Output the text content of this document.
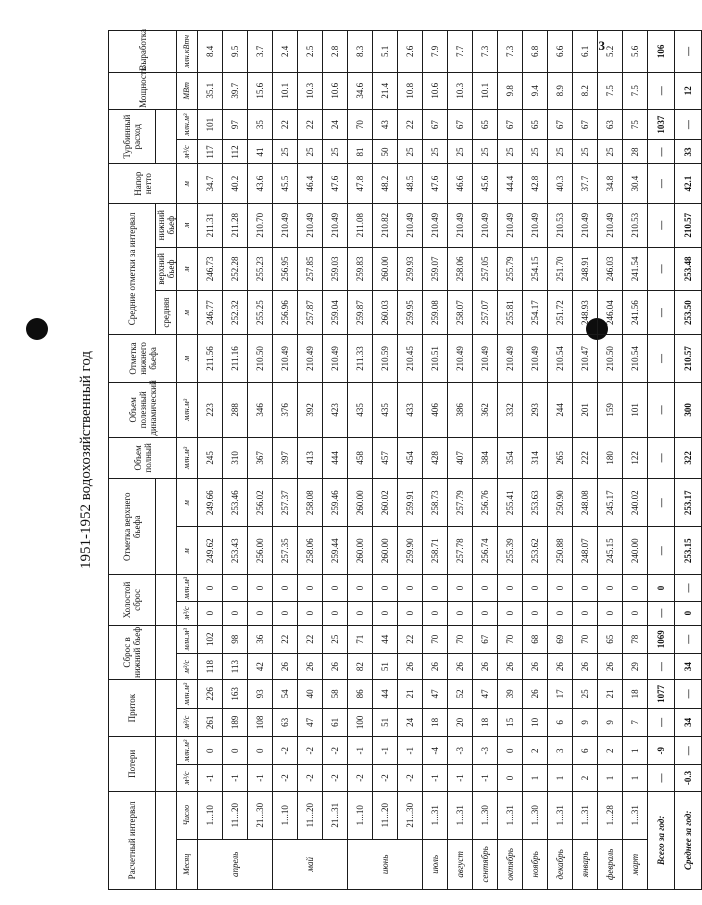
3
1951-1952 водохозяйственный год
Расчетный интервал		Потери		Приток		Сброс в нижний бьеф		Холостой сброс		Отметка верхнего бьефа		Объем полный	Объем полезный динамический	Отметка нижнего бьефа	Средние отметки за интервал			Напор нетто	Турбинный расход		Мощность	Выработка
															средняя	верхний бьеф	нижний бьеф					
Месяц	Число	м³/с	млн.м³	м³/с	млн.м³	м³/с	млн.м³	м³/с	млн.м³	м	м	млн.м³	млн.м³	м	м	м	м	м	м³/с	млн.м³	МВт	млн.кВтч
апрель	1...10	-1	0	261	226	118	102	0	0	249.62	249.66	245	223	211.56	246.77	246.73	211.31	34.7	117	101	35.1	8.4
	11...20	-1	0	189	163	113	98	0	0	253.43	253.46	310	288	211.16	252.32	252.28	211.28	40.2	112	97	39.7	9.5
	21...30	-1	0	108	93	42	36	0	0	256.00	256.02	367	346	210.50	255.25	255.23	210.70	43.6	41	35	15.6	3.7
май	1...10	-2	-2	63	54	26	22	0	0	257.35	257.37	397	376	210.49	256.96	256.95	210.49	45.5	25	22	10.1	2.4
	11...20	-2	-2	47	40	26	22	0	0	258.06	258.08	413	392	210.49	257.87	257.85	210.49	46.4	25	22	10.3	2.5
	21...31	-2	-2	61	58	26	25	0	0	259.44	259.46	444	423	210.49	259.04	259.03	210.49	47.6	25	24	10.6	2.8
июнь	1...10	-2	-1	100	86	82	71	0	0	260.00	260.00	458	435	211.33	259.87	259.83	211.08	47.8	81	70	34.6	8.3
	11...20	-2	-1	51	44	51	44	0	0	260.00	260.02	457	435	210.59	260.03	260.00	210.82	48.2	50	43	21.4	5.1
	21...30	-2	-1	24	21	26	22	0	0	259.90	259.91	454	433	210.45	259.95	259.93	210.49	48.5	25	22	10.8	2.6
июль	1...31	-1	-4	18	47	26	70	0	0	258.71	258.73	428	406	210.51	259.08	259.07	210.49	47.6	25	67	10.6	7.9
август	1...31	-1	-3	20	52	26	70	0	0	257.78	257.79	407	386	210.49	258.07	258.06	210.49	46.6	25	67	10.3	7.7
сентябрь	1...30	-1	-3	18	47	26	67	0	0	256.74	256.76	384	362	210.49	257.07	257.05	210.49	45.6	25	65	10.1	7.3
октябрь	1...31	0	0	15	39	26	70	0	0	255.39	255.41	354	332	210.49	255.81	255.79	210.49	44.4	25	67	9.8	7.3
ноябрь	1...30	1	2	10	26	26	68	0	0	253.62	253.63	314	293	210.49	254.17	254.15	210.49	42.8	25	65	9.4	6.8
декабрь	1...31	1	3	6	17	26	69	0	0	250.88	250.90	265	244	210.54	251.72	251.70	210.53	40.3	25	67	8.9	6.6
январь	1...31	2	6	9	25	26	70	0	0	248.07	248.08	222	201	210.47	248.93	248.91	210.49	37.7	25	67	8.2	6.1
февраль	1...28	1	2	9	21	26	65	0	0	245.15	245.17	180	159	210.50	246.04	246.03	210.49	34.8	25	63	7.5	5.2
март	1...31	1	1	7	18	29	78	0	0	240.00	240.02	122	101	210.54	241.56	241.54	210.53	30.4	28	75	7.5	5.6
Всего за год:		—	-9	—	1077	—	1069	—	0	—	—	—	—	—	—	—	—	—	—	1037	—	106
Среднее за год:		-0.3	—	34	—	34	—	0	—	253.15	253.17	322	300	210.57	253.50	253.48	210.57	42.1	33	—	12	—
